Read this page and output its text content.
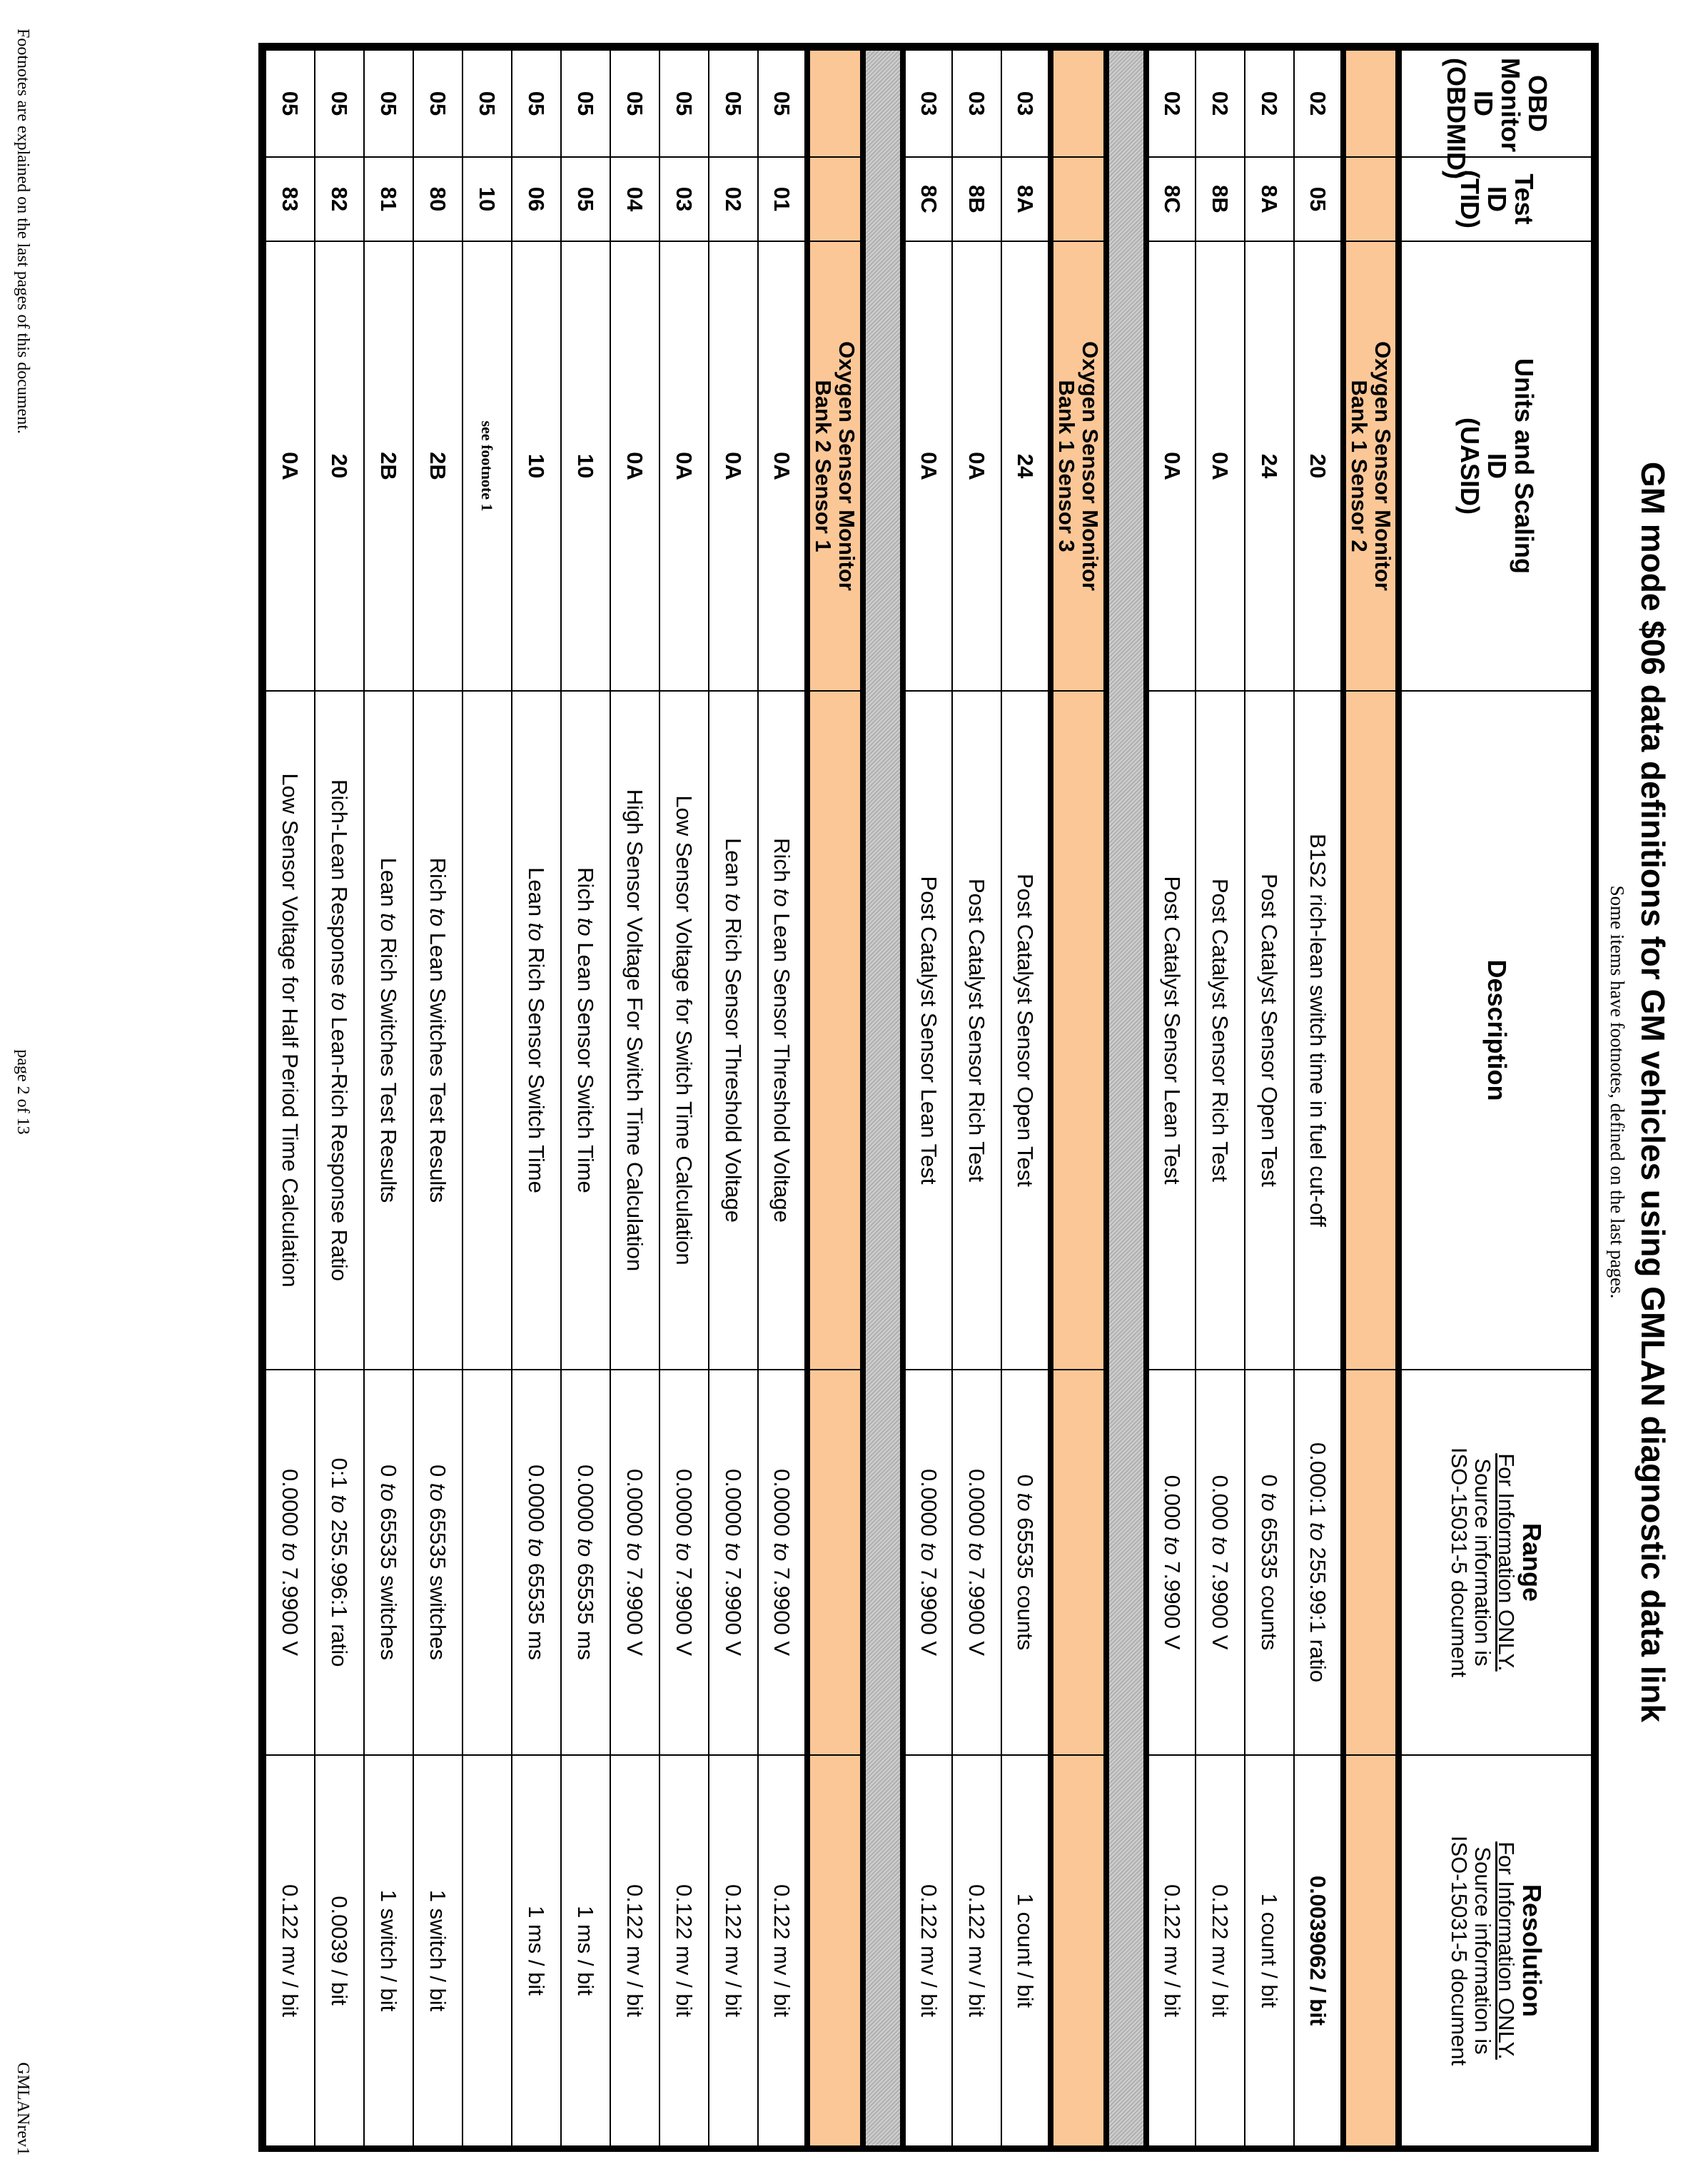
GM mode $06 data definitions for GM vehicles using GMLAN diagnostic data link
Some items have footnotes, defined on the last pages.
OBD Monitor
ID
(OBDMID)	Test
ID
(TID)	Units and Scaling
ID
(UASID)	Description	Range
For Information ONLY.
Source information is
ISO-15031-5 document	Resolution
For Information ONLY.
Source information is
ISO-15031-5 document

		Oxygen Sensor Monitor
Bank 1 Sensor 2			

02	05	20	B1S2 rich-lean switch time in fuel cut-off	0.000:1 to 255.99:1 ratio	0.0039062 / bit
02	8A	24	Post Catalyst Sensor Open Test	0 to 65535 counts	1 count / bit
02	8B	0A	Post Catalyst Sensor Rich Test	0.000 to 7.9900 V	0.122 mv / bit
02	8C	0A	Post Catalyst Sensor Lean Test	0.000 to 7.9900 V	0.122 mv / bit

		Oxygen Sensor Monitor
Bank 1 Sensor 3			

03	8A	24	Post Catalyst Sensor Open Test	0 to 65535 counts	1 count / bit
03	8B	0A	Post Catalyst Sensor Rich Test	0.0000 to 7.9900 V	0.122 mv / bit
03	8C	0A	Post Catalyst Sensor Lean Test	0.0000 to 7.9900 V	0.122 mv / bit

		Oxygen Sensor Monitor
Bank 2 Sensor 1			

05	01	0A	Rich to Lean Sensor Threshold Voltage	0.0000 to 7.9900 V	0.122 mv / bit
05	02	0A	Lean to Rich Sensor Threshold Voltage	0.0000 to 7.9900 V	0.122 mv / bit
05	03	0A	Low Sensor Voltage for Switch Time Calculation	0.0000 to 7.9900 V	0.122 mv / bit
05	04	0A	High Sensor Voltage For Switch Time Calculation	0.0000 to 7.9900 V	0.122 mv / bit
05	05	10	Rich to Lean Sensor Switch Time	0.0000 to 65535 ms	1 ms / bit
05	06	10	Lean to Rich Sensor Switch Time	0.0000 to 65535 ms	1 ms / bit
05	10	see footnote 1			
05	80	2B	Rich to Lean Switches Test Results	0 to 65535 switches	1 switch / bit
05	81	2B	Lean to Rich Switches Test Results	0 to 65535 switches	1 switch / bit
05	82	20	Rich-Lean Response to Lean-Rich Response Ratio	0:1 to 255.996:1 ratio	0.0039 / bit
05	83	0A	Low Sensor Voltage for Half Period Time Calculation	0.0000 to 7.9900 V	0.122 mv / bit
Footnotes are explained on the last pages of this document.
page 2 of 13
GMLANrev1
